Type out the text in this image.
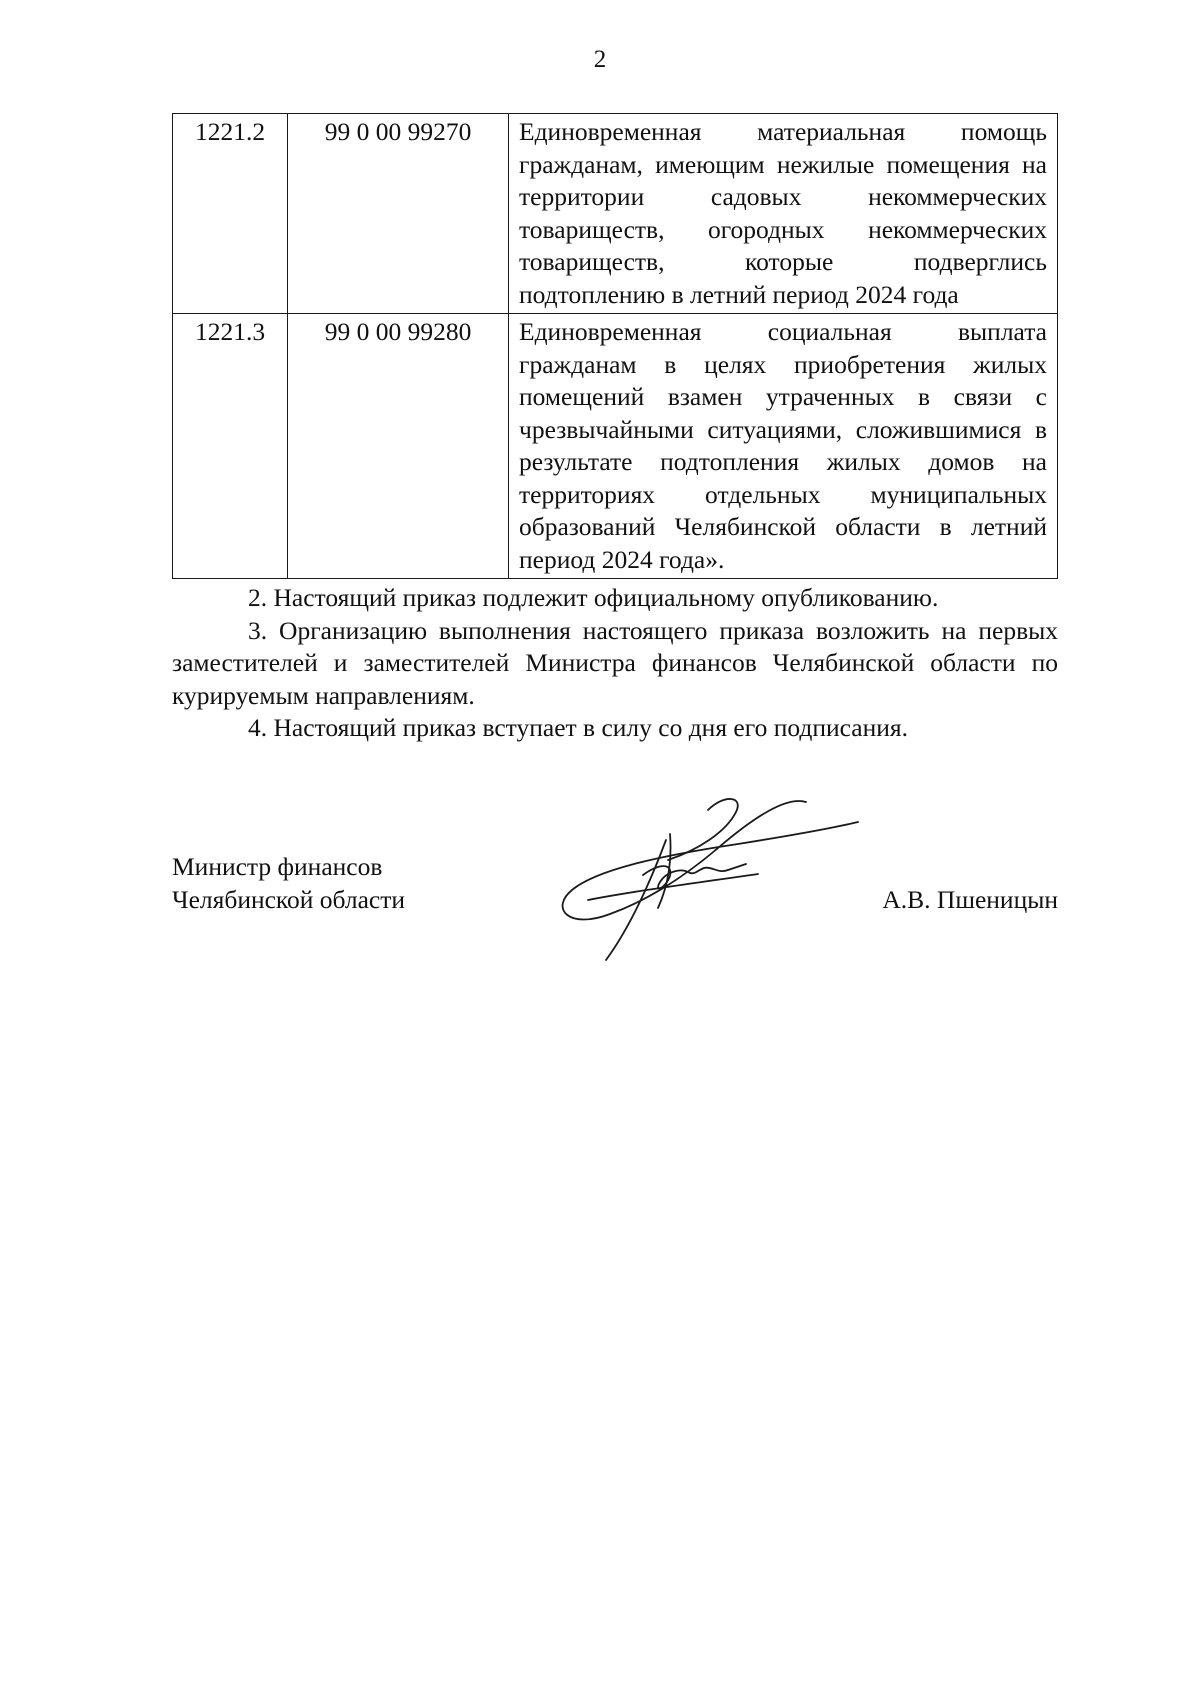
2
1221.2	99 0 00 99270	Единовременная материальная помощь гражданам, имеющим нежилые помещения на территории садовых некоммерческих товариществ, огородных некоммерческих товариществ, которые подверглись подтоплению в летний период 2024 года
1221.3	99 0 00 99280	Единовременная социальная выплата гражданам в целях приобретения жилых помещений взамен утраченных в связи с чрезвычайными ситуациями, сложившимися в результате подтопления жилых домов на территориях отдельных муниципальных образований Челябинской области в летний период 2024 года».

2. Настоящий приказ подлежит официальному опубликованию.

3. Организацию выполнения настоящего приказа возложить на первых заместителей и заместителей Министра финансов Челябинской области по курируемым направлениям.

4. Настоящий приказ вступает в силу со дня его подписания.

Министр финансов
Челябинской области	А.В. Пшеницын
